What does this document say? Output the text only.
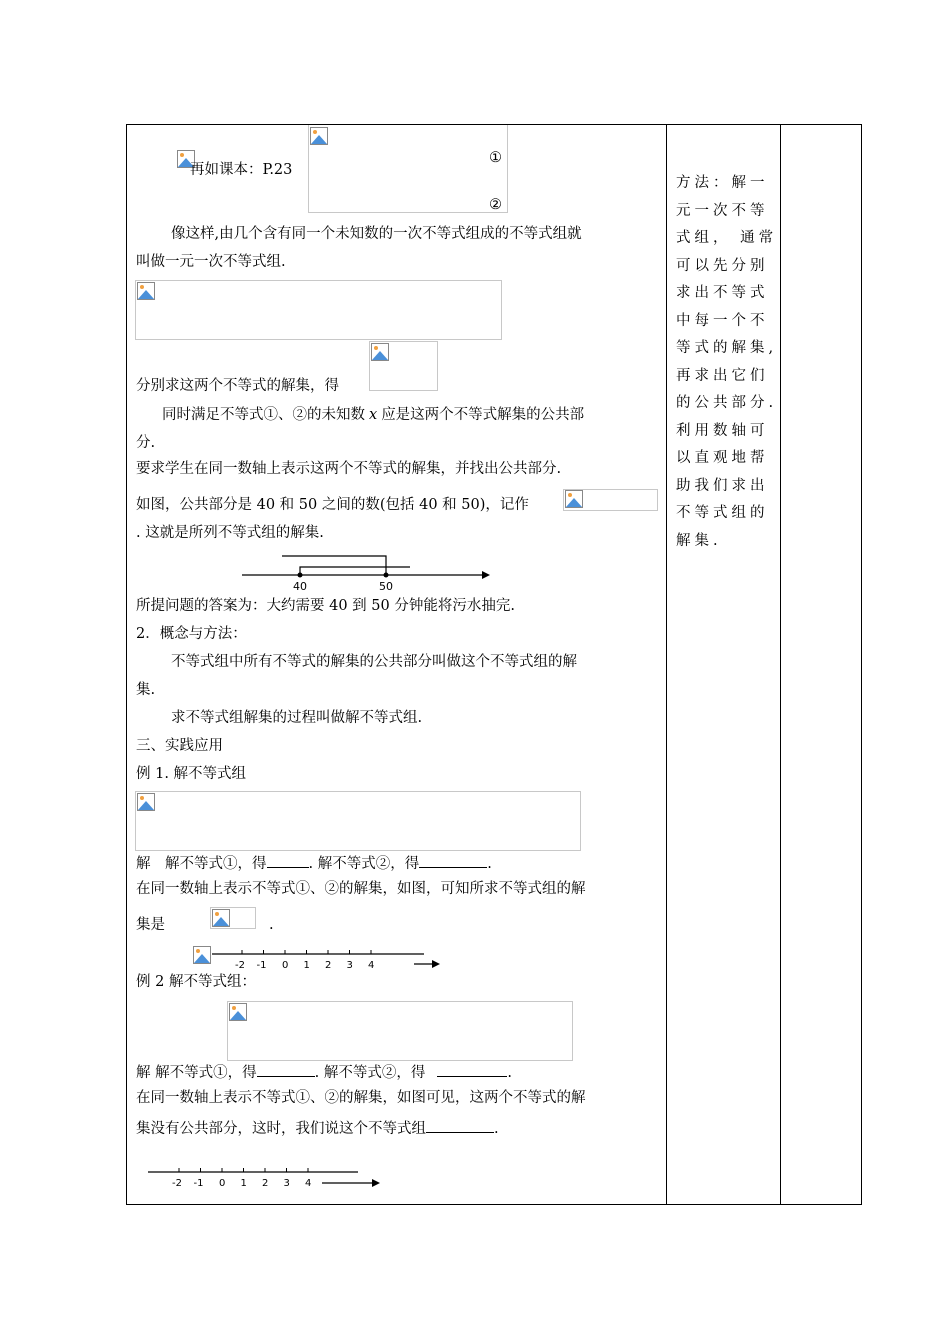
再如课本：P.23
①
②
像这样,由几个含有同一个未知数的一次不等式组成的不等式组就
叫做一元一次不等式组.
分别求这两个不等式的解集，得
同时满足不等式①、②的未知数 x 应是这两个不等式解集的公共部
分.
要求学生在同一数轴上表示这两个不等式的解集，并找出公共部分.
如图，公共部分是 40 和 50 之间的数(包括 40 和 50)，记作
. 这就是所列不等式组的解集.
40	50
所提问题的答案为：大约需要 40 到 50 分钟能将污水抽完.
2．概念与方法：
不等式组中所有不等式的解集的公共部分叫做这个不等式组的解
集.
求不等式组解集的过程叫做解不等式组.
三、实践应用
例 1. 解不等式组
解　解不等式①，得	. 解不等式②，得	.
在同一数轴上表示不等式①、②的解集，如图，可知所求不等式组的解
集是	.
-2 -1 0 1 2 3 4
例 2 解不等式组：
解 解不等式①，得	. 解不等式②，得	.
在同一数轴上表示不等式①、②的解集，如图可见，这两个不等式的解
集没有公共部分，这时，我们说这个不等式组	.
-2 -1 0 1 2 3 4
方法：解一
元一次不等
式组， 通常
可以先分别
求出不等式
中每一个不
等式的解集,
再求出它们
的公共部分.
利用数轴可
以直观地帮
助我们求出
不等式组的
解集.
